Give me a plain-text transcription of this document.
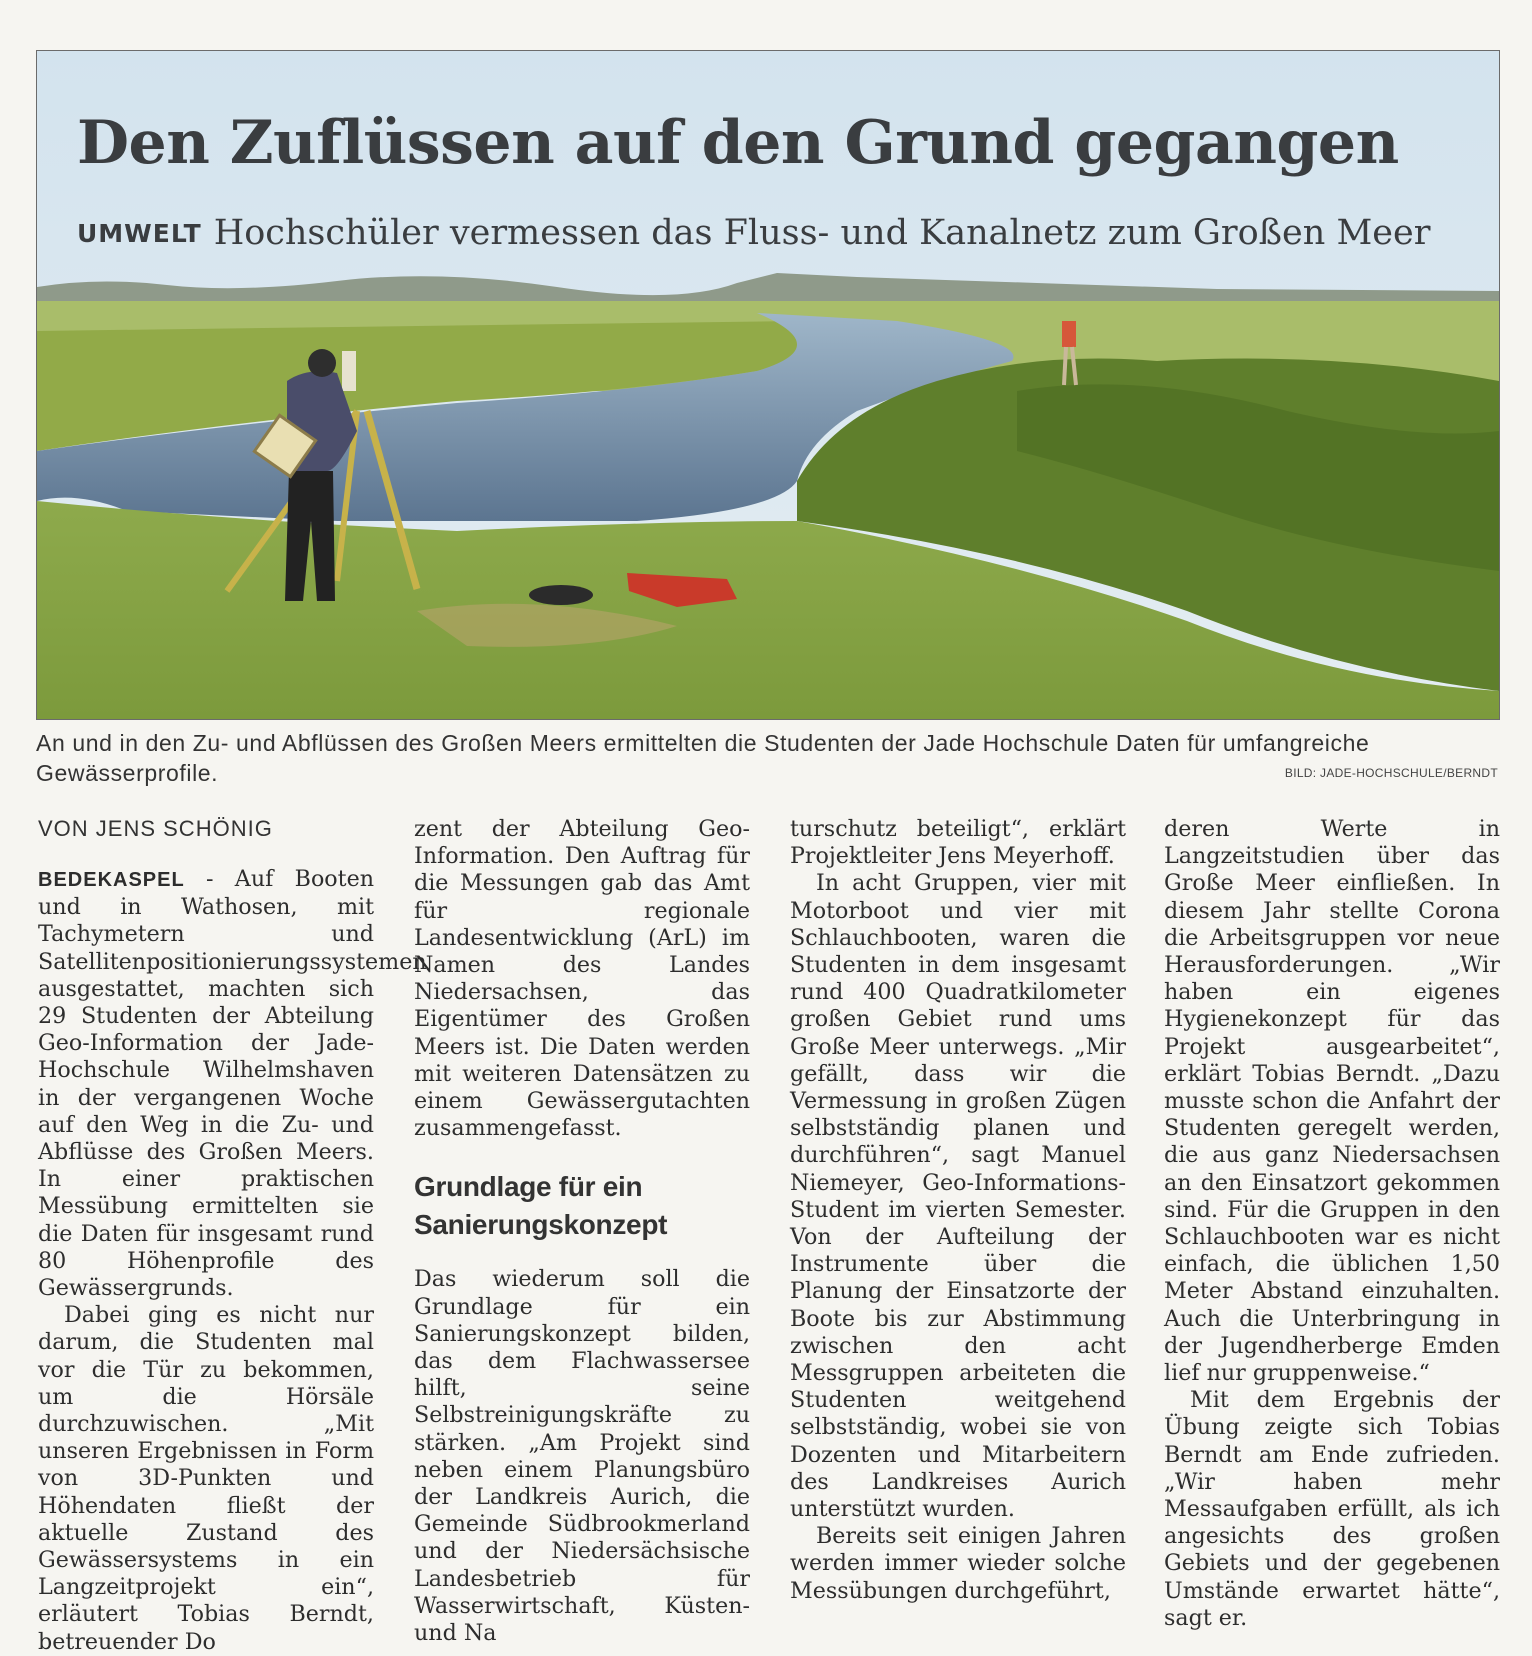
Den Zuflüssen auf den Grund gegangen
UMWELT Hochschüler vermessen das Fluss- und Kanalnetz zum Großen Meer
An und in den Zu- und Abflüssen des Großen Meers ermittelten die Studenten der Jade Hochschule Daten für umfangreiche Gewässerprofile.	BILD: JADE-HOCHSCHULE/BERNDT
VON JENS SCHÖNIG

BEDEKASPEL - Auf Booten und in Wathosen, mit Tachymetern und Satellitenpositionierungssystemen ausgestattet, machten sich 29 Studenten der Abteilung Geo-Information der Jade-Hochschule Wilhelmshaven in der vergangenen Woche auf den Weg in die Zu- und Abflüsse des Großen Meers. In einer praktischen Messübung ermittelten sie die Daten für insgesamt rund 80 Höhenprofile des Gewässergrunds.

Dabei ging es nicht nur darum, die Studenten mal vor die Tür zu bekommen, um die Hörsäle durchzuwischen. „Mit unseren Ergebnissen in Form von 3D-Punkten und Höhendaten fließt der aktuelle Zustand des Gewässersystems in ein Langzeitprojekt ein“, erläutert Tobias Berndt, betreuender Do

zent der Abteilung Geo-Information. Den Auftrag für die Messungen gab das Amt für regionale Landesentwicklung (ArL) im Namen des Landes Niedersachsen, das Eigentümer des Großen Meers ist. Die Daten werden mit weiteren Datensätzen zu einem Gewässergutachten zusammengefasst.

Grundlage für ein Sanierungskonzept

Das wiederum soll die Grundlage für ein Sanierungskonzept bilden, das dem Flachwassersee hilft, seine Selbstreinigungskräfte zu stärken. „Am Projekt sind neben einem Planungsbüro der Landkreis Aurich, die Gemeinde Südbrookmerland und der Niedersächsische Landesbetrieb für Wasserwirtschaft, Küsten- und Na

turschutz beteiligt“, erklärt Projektleiter Jens Meyerhoff.

In acht Gruppen, vier mit Motorboot und vier mit Schlauchbooten, waren die Studenten in dem insgesamt rund 400 Quadratkilometer großen Gebiet rund ums Große Meer unterwegs. „Mir gefällt, dass wir die Vermessung in großen Zügen selbstständig planen und durchführen“, sagt Manuel Niemeyer, Geo-Informations-Student im vierten Semester. Von der Aufteilung der Instrumente über die Planung der Einsatzorte der Boote bis zur Abstimmung zwischen den acht Messgruppen arbeiteten die Studenten weitgehend selbstständig, wobei sie von Dozenten und Mitarbeitern des Landkreises Aurich unterstützt wurden.

Bereits seit einigen Jahren werden immer wieder solche Messübungen durchgeführt,

deren Werte in Langzeitstudien über das Große Meer einfließen. In diesem Jahr stellte Corona die Arbeitsgruppen vor neue Herausforderungen. „Wir haben ein eigenes Hygienekonzept für das Projekt ausgearbeitet“, erklärt Tobias Berndt. „Dazu musste schon die Anfahrt der Studenten geregelt werden, die aus ganz Niedersachsen an den Einsatzort gekommen sind. Für die Gruppen in den Schlauchbooten war es nicht einfach, die üblichen 1,50 Meter Abstand einzuhalten. Auch die Unterbringung in der Jugendherberge Emden lief nur gruppenweise.“

Mit dem Ergebnis der Übung zeigte sich Tobias Berndt am Ende zufrieden. „Wir haben mehr Messaufgaben erfüllt, als ich angesichts des großen Gebiets und der gegebenen Umstände erwartet hätte“, sagt er.
